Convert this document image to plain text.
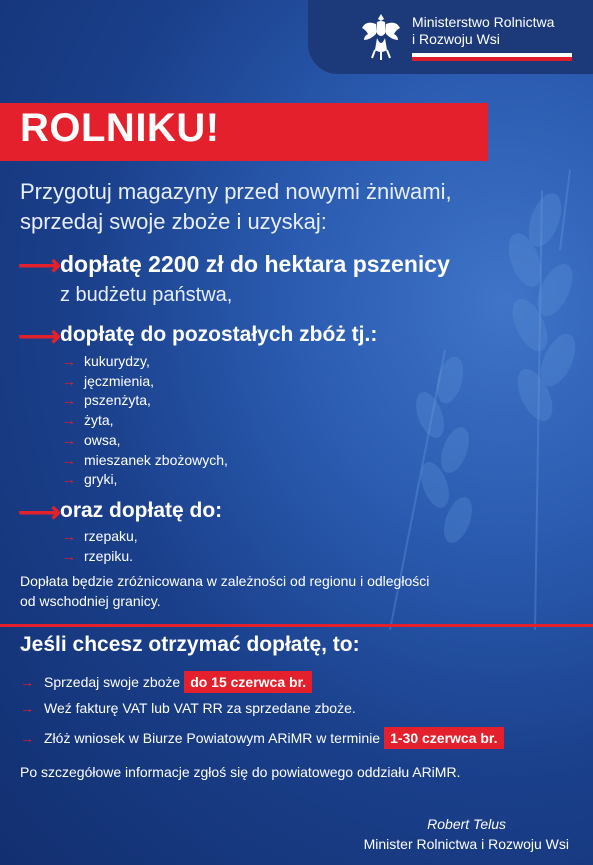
Ministerstwo Rolnictwa
i Rozwoju Wsi
ROLNIKU!
Przygotuj magazyny przed nowymi żniwami,
sprzedaj swoje zboże i uzyskaj:
⟶
dopłatę 2200 zł do hektara pszenicy
z budżetu państwa,
⟶
dopłatę do pozostałych zbóż tj.:
→ kukurydzy,
→ jęczmienia,
→ pszenżyta,
→ żyta,
→ owsa,
→ mieszanek zbożowych,
→ gryki,
⟶
oraz dopłatę do:
→ rzepaku,
→ rzepiku.
Dopłata będzie zróżnicowana w zależności od regionu i odległości
od wschodniej granicy.
Jeśli chcesz otrzymać dopłatę, to:
→ Sprzedaj swoje zboże do 15 czerwca br.
→ Weź fakturę VAT lub VAT RR za sprzedane zboże.
→ Złóż wniosek w Biurze Powiatowym ARiMR w terminie 1-30 czerwca br.
Po szczegółowe informacje zgłoś się do powiatowego oddziału ARiMR.
Robert Telus
Minister Rolnictwa i Rozwoju Wsi
